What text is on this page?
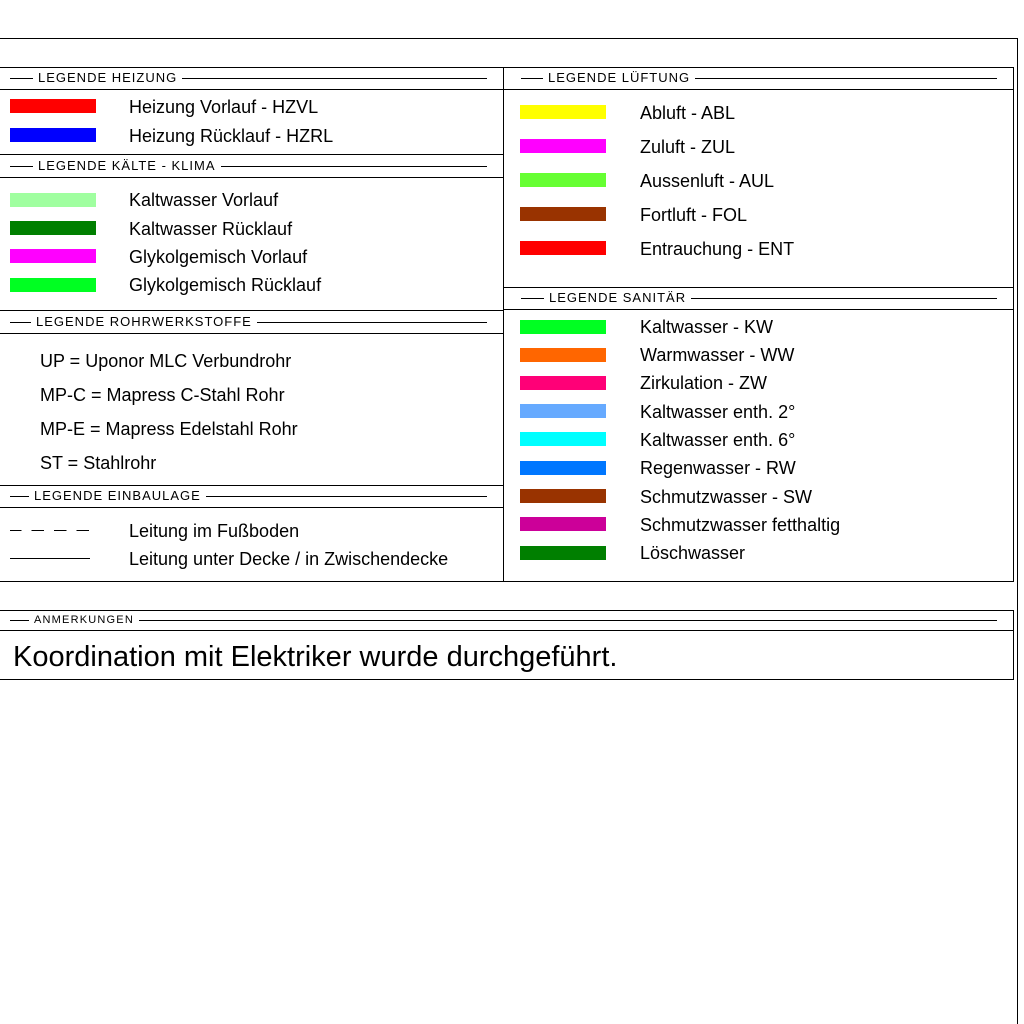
LEGENDE HEIZUNG
LEGENDE KÄLTE - KLIMA
LEGENDE ROHRWERKSTOFFE
LEGENDE EINBAULAGE
LEGENDE LÜFTUNG
LEGENDE SANITÄR
Heizung Vorlauf - HZVL
Heizung Rücklauf - HZRL
Kaltwasser Vorlauf
Kaltwasser Rücklauf
Glykolgemisch Vorlauf
Glykolgemisch Rücklauf
UP = Uponor MLC Verbundrohr
MP-C = Mapress C-Stahl Rohr
MP-E = Mapress Edelstahl Rohr
ST = Stahlrohr
Leitung im Fußboden
Leitung unter Decke / in Zwischendecke
Abluft - ABL
Zuluft - ZUL
Aussenluft - AUL
Fortluft - FOL
Entrauchung - ENT
Kaltwasser - KW
Warmwasser - WW
Zirkulation - ZW
Kaltwasser enth. 2°
Kaltwasser enth. 6°
Regenwasser - RW
Schmutzwasser - SW
Schmutzwasser fetthaltig
Löschwasser
ANMERKUNGEN
Koordination mit Elektriker wurde durchgeführt.
